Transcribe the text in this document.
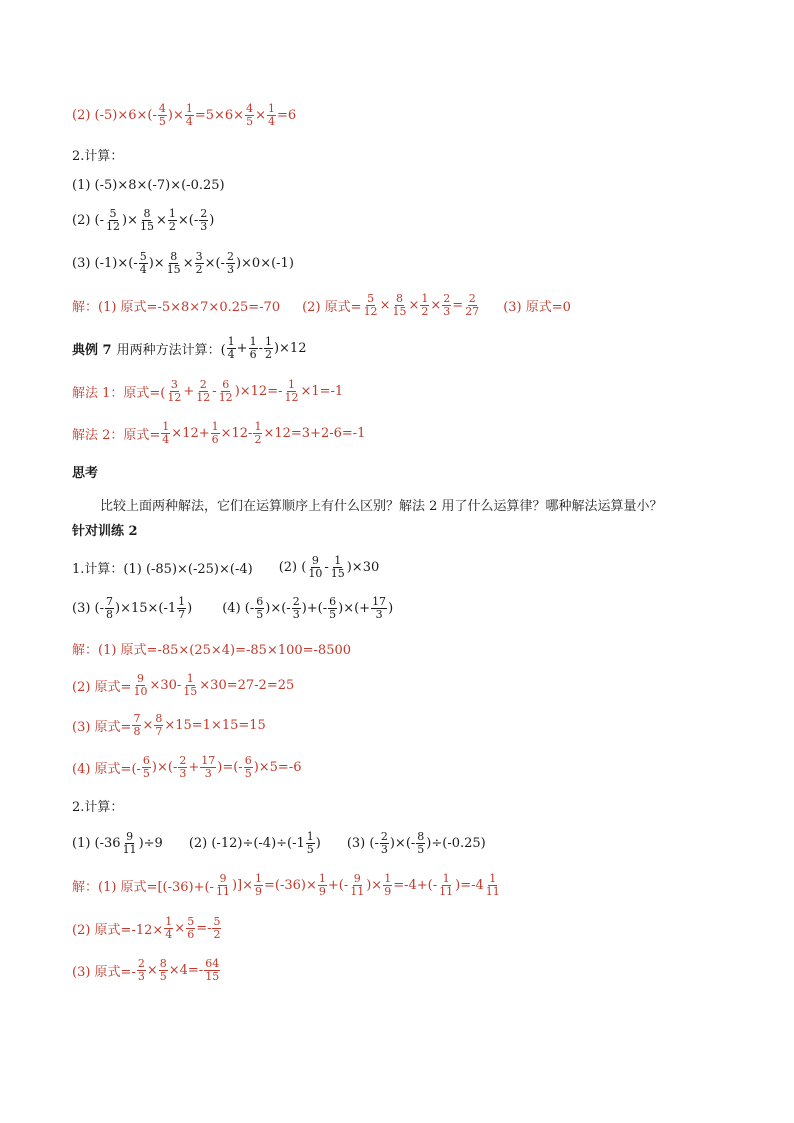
(2) $(-5)\times 6\times(- \frac{4}{5}$ )× $\frac{1}{4} =5\times 6\times \frac{4}{5} \times \frac{1}{4} =6$
2.计算：
(1) (-5)×8×(-7)×(-0.25)
(2) (- $\frac{5}{12}$ )× $\frac{8}{15} \times \frac{1}{2}$ ×(- $\frac{2}{3}$ )
(3) $(-1)\times(- \frac{5}{4}$ )× $\frac{8}{15} \times \frac{3}{2}$ ×(- $\frac{2}{3} )\times 0\times(-1)$
解：(1) 原式=-5×8×7×0.25=-70 (2) 原式= $\frac{5}{12} \times \frac{8}{15} \times \frac{1}{2} \times \frac{2}{3} = \frac{2}{27} (3)$ 原式=0
典例 7 用两种方法计算：( $\frac{1}{4} + \frac{1}{6} - \frac{1}{2} )\times 12$
解法 1：原式=( $\frac{3}{12} + \frac{2}{12} - \frac{6}{12} )\times 12=- \frac{1}{12} \times 1=-1$
解法 2：原式= $\frac{1}{4} \times 12+ \frac{1}{6} \times 12- \frac{1}{2} \times 12=3+2-6=-1$
思考
比较上面两种解法，它们在运算顺序上有什么区别？解法 2 用了什么运算律？哪种解法运算量小？
针对训练 2
1.计算：(1) (-85)×(-25)×(-4) (2) ( $\frac{9}{10} - \frac{1}{15} )\times 30$
(3) (- $\frac{7}{8} )\times 15\times(-1 \frac{1}{7}$ ) (4) (- $\frac{6}{5}$ )×(- $\frac{2}{3}$ )+(- $\frac{6}{5}$ )×(+ $\frac{17}{3}$ )
解：(1) 原式=-85×(25×4)=-85×100=-8500
(2) 原式= $\frac{9}{10} \times 30- \frac{1}{15} \times 30=27-2=25$
(3) 原式= $\frac{7}{8} \times \frac{8}{7} \times 15=1\times 15=15$
(4) 原式=(- $\frac{6}{5}$ )×(- $\frac{2}{3} + \frac{17}{3}$ )=(- $\frac{6}{5} )\times 5=-6$
2.计算：
(1) $(-36 \frac{9}{11} )\div 9$ (2) $(-12)\div(-4)\div(-1 \frac{1}{5}$ ) (3) (- $\frac{2}{3}$ )×(- $\frac{8}{5} )\div(-0.25)$
解：(1) 原式$=[(-36)+(- \frac{9}{11}$ )]× $\frac{1}{9} =(-36)\times \frac{1}{9}$ +(- $\frac{9}{11}$ )× $\frac{1}{9} =-4+(- \frac{1}{11} )=-4 \frac{1}{11}$
(2) 原式$=-12\times \frac{1}{4} \times \frac{5}{6} =- \frac{5}{2}$
(3) 原式=- $\frac{2}{3} \times \frac{8}{5} \times 4=- \frac{64}{15}$
